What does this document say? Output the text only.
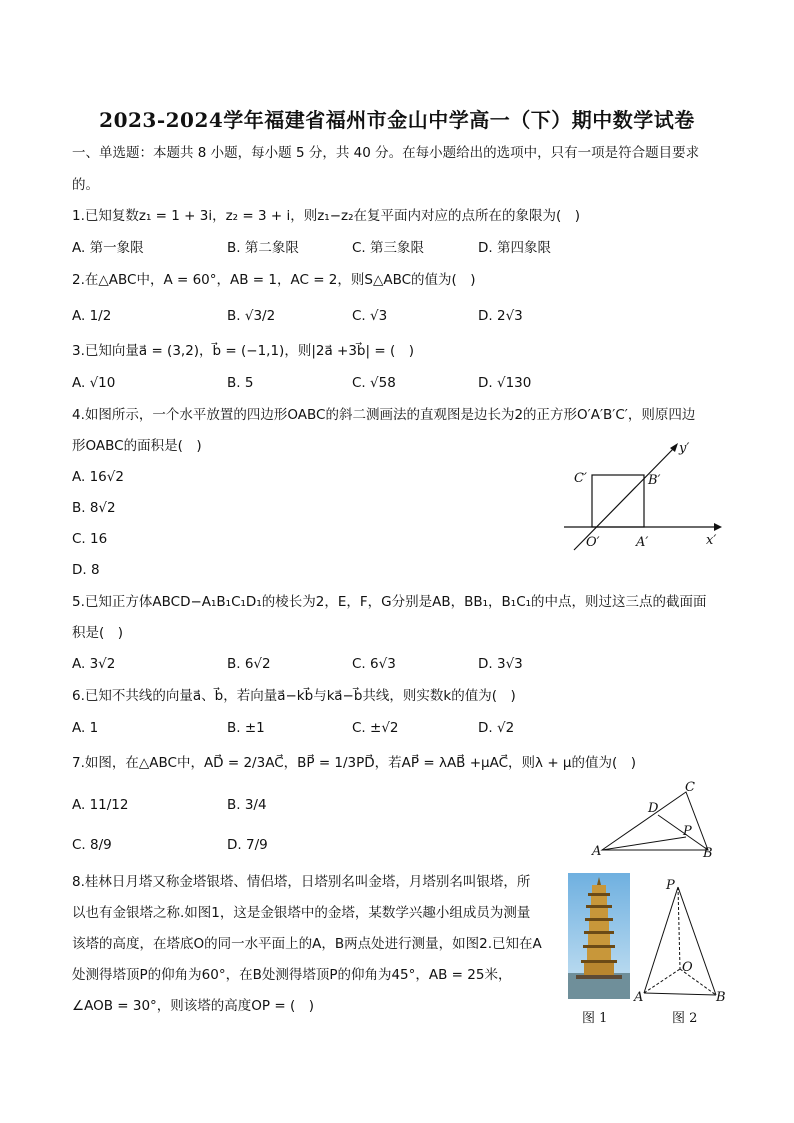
2023-2024学年福建省福州市金山中学高一（下）期中数学试卷
一、单选题：本题共 8 小题，每小题 5 分，共 40 分。在每小题给出的选项中，只有一项是符合题目要求
的。
1.已知复数z₁ = 1 + 3i，z₂ = 3 + i，则z₁−z₂在复平面内对应的点所在的象限为(　)
A. 第一象限	B. 第二象限	C. 第三象限	D. 第四象限
2.在△ABC中，A = 60°，AB = 1，AC = 2，则S△ABC的值为(　)
A. 1/2	B. √3/2	C. √3	D. 2√3
3.已知向量a⃗ = (3,2)，b⃗ = (−1,1)，则|2a⃗ +3b⃗| = (　)
A. √10	B. 5	C. √58	D. √130
4.如图所示，一个水平放置的四边形OABC的斜二测画法的直观图是边长为2的正方形O′A′B′C′，则原四边
形OABC的面积是(　)
A. 16√2
B. 8√2
C. 16
D. 8
y′
C′	B′
O′	A′	x′
5.已知正方体ABCD−A₁B₁C₁D₁的棱长为2，E，F，G分别是AB，BB₁，B₁C₁的中点，则过这三点的截面面
积是(　)
A. 3√2	B. 6√2	C. 6√3	D. 3√3
6.已知不共线的向量a⃗、b⃗，若向量a⃗−kb⃗与ka⃗−b⃗共线，则实数k的值为(　)
A. 1	B. ±1	C. ±√2	D. √2
7.如图，在△ABC中，AD⃗ = 2/3AC⃗，BP⃗ = 1/3PD⃗，若AP⃗ = λAB⃗ +μAC⃗，则λ + μ的值为(　)
A. 11/12	B. 3/4
C. 8/9	D. 7/9
C
D
P
A	B
8.桂林日月塔又称金塔银塔、情侣塔，日塔别名叫金塔，月塔别名叫银塔，所
以也有金银塔之称.如图1，这是金银塔中的金塔，某数学兴趣小组成员为测量
该塔的高度，在塔底O的同一水平面上的A，B两点处进行测量，如图2.已知在A
处测得塔顶P的仰角为60°，在B处测得塔顶P的仰角为45°，AB = 25米，
∠AOB = 30°，则该塔的高度OP = (　)
图 1
P
O
A	B
图 2
